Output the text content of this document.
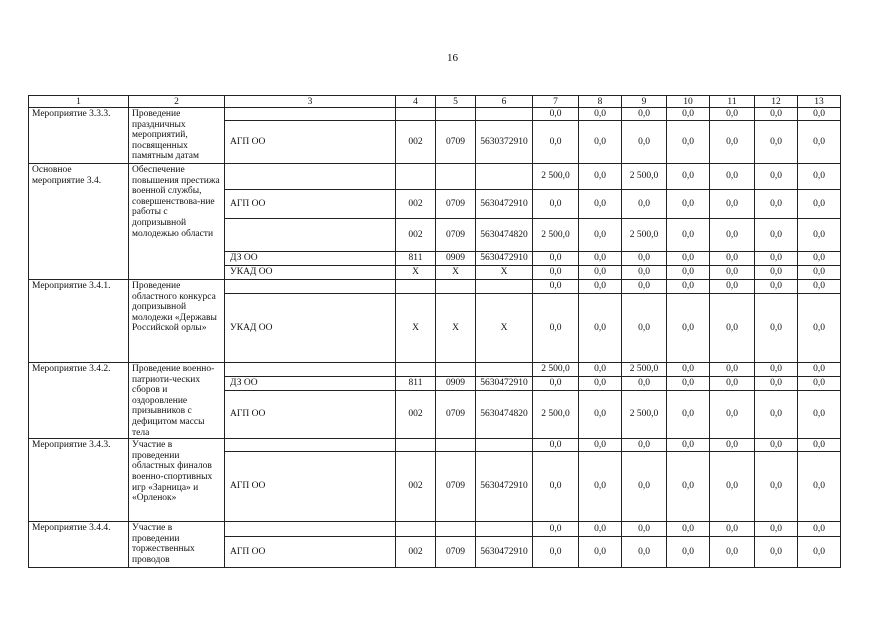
16
1	2	3	4	5	6	7	8	9	10	11	12	13
Мероприятие 3.3.3.	Проведение праздничных мероприятий, посвященных памятным датам					0,0	0,0	0,0	0,0	0,0	0,0	0,0
		АГП ОО	002	0709	5630372910	0,0	0,0	0,0	0,0	0,0	0,0	0,0
Основное мероприятие 3.4.	Обеспечение повышения престижа военной службы, совершенствова-ние работы с допризывной молодежью области					2 500,0	0,0	2 500,0	0,0	0,0	0,0	0,0
		АГП ОО	002	0709	5630472910	0,0	0,0	0,0	0,0	0,0	0,0	0,0
			002	0709	5630474820	2 500,0	0,0	2 500,0	0,0	0,0	0,0	0,0
		ДЗ ОО	811	0909	5630472910	0,0	0,0	0,0	0,0	0,0	0,0	0,0
		УКАД ОО	Х	Х	Х	0,0	0,0	0,0	0,0	0,0	0,0	0,0
Мероприятие 3.4.1.	Проведение областного конкурса допризывной молодежи «Державы Российской орлы»					0,0	0,0	0,0	0,0	0,0	0,0	0,0
		УКАД ОО	Х	Х	Х	0,0	0,0	0,0	0,0	0,0	0,0	0,0
Мероприятие 3.4.2.	Проведение военно-патриоти-ческих сборов и оздоровление призывников с дефицитом массы тела					2 500,0	0,0	2 500,0	0,0	0,0	0,0	0,0
		ДЗ ОО	811	0909	5630472910	0,0	0,0	0,0	0,0	0,0	0,0	0,0
		АГП ОО	002	0709	5630474820	2 500,0	0,0	2 500,0	0,0	0,0	0,0	0,0
Мероприятие 3.4.3.	Участие в проведении областных финалов военно-спортивных игр «Зарница» и «Орленок»					0,0	0,0	0,0	0,0	0,0	0,0	0,0
		АГП ОО	002	0709	5630472910	0,0	0,0	0,0	0,0	0,0	0,0	0,0
Мероприятие 3.4.4.	Участие в проведении торжественных проводов					0,0	0,0	0,0	0,0	0,0	0,0	0,0
		АГП ОО	002	0709	5630472910	0,0	0,0	0,0	0,0	0,0	0,0	0,0
